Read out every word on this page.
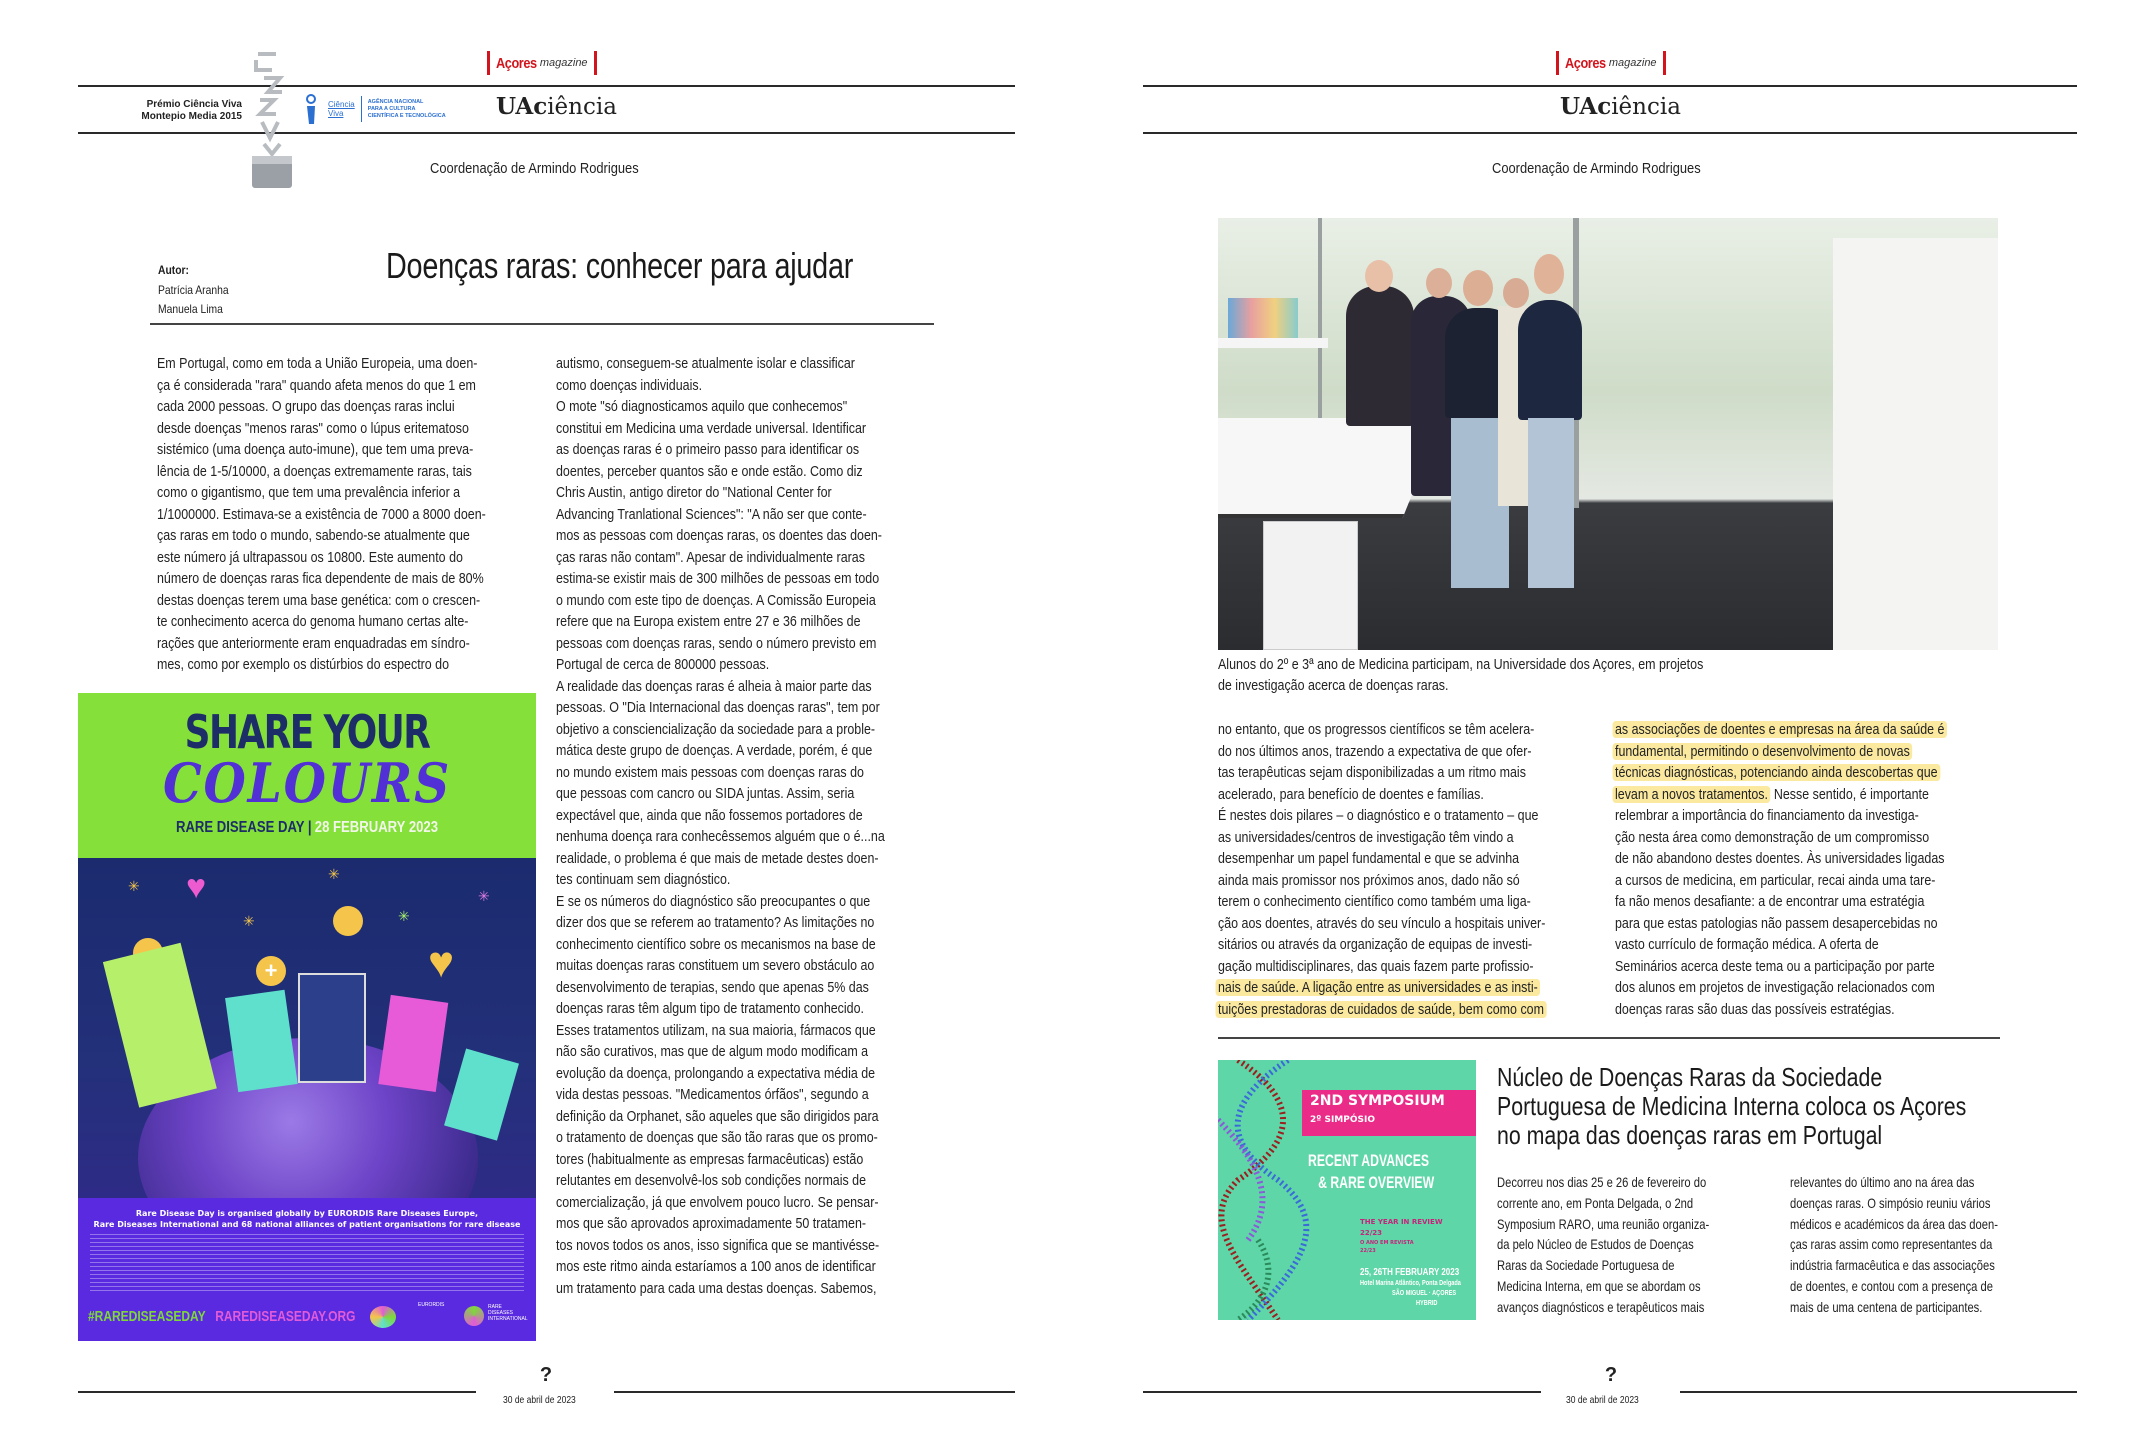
Açores magazine
UAciência
Coordenação de Armindo Rodrigues
Prémio Ciência Viva
Montepio Media 2015
Ciência
Viva
AGÊNCIA NACIONAL
PARA A CULTURA
CIENTÍFICA E TECNOLÓGICA
Autor:
Patrícia Aranha
Manuela Lima
Doenças raras: conhecer para ajudar
Em Portugal, como em toda a União Europeia, uma doen-
ça é considerada "rara" quando afeta menos do que 1 em
cada 2000 pessoas. O grupo das doenças raras inclui
desde doenças "menos raras" como o lúpus eritematoso
sistémico (uma doença auto-imune), que tem uma preva-
lência de 1-5/10000, a doenças extremamente raras, tais
como o gigantismo, que tem uma prevalência inferior a
1/1000000. Estimava-se a existência de 7000 a 8000 doen-
ças raras em todo o mundo, sabendo-se atualmente que
este número já ultrapassou os 10800. Este aumento do
número de doenças raras fica dependente de mais de 80%
destas doenças terem uma base genética: com o crescen-
te conhecimento acerca do genoma humano certas alte-
rações que anteriormente eram enquadradas em síndro-
mes, como por exemplo os distúrbios do espectro do
autismo, conseguem-se atualmente isolar e classificar
como doenças individuais.
O mote "só diagnosticamos aquilo que conhecemos"
constitui em Medicina uma verdade universal. Identificar
as doenças raras é o primeiro passo para identificar os
doentes, perceber quantos são e onde estão. Como diz
Chris Austin, antigo diretor do "National Center for
Advancing Tranlational Sciences": "A não ser que conte-
mos as pessoas com doenças raras, os doentes das doen-
ças raras não contam". Apesar de individualmente raras
estima-se existir mais de 300 milhões de pessoas em todo
o mundo com este tipo de doenças. A Comissão Europeia
refere que na Europa existem entre 27 e 36 milhões de
pessoas com doenças raras, sendo o número previsto em
Portugal de cerca de 800000 pessoas.
A realidade das doenças raras é alheia à maior parte das
pessoas. O "Dia Internacional das doenças raras", tem por
objetivo a consciencialização da sociedade para a proble-
mática deste grupo de doenças. A verdade, porém, é que
no mundo existem mais pessoas com doenças raras do
que pessoas com cancro ou SIDA juntas. Assim, seria
expectável que, ainda que não fossemos portadores de
nenhuma doença rara conhecêssemos alguém que o é...na
realidade, o problema é que mais de metade destes doen-
tes continuam sem diagnóstico.
E se os números do diagnóstico são preocupantes o que
dizer dos que se referem ao tratamento? As limitações no
conhecimento científico sobre os mecanismos na base de
muitas doenças raras constituem um severo obstáculo ao
desenvolvimento de terapias, sendo que apenas 5% das
doenças raras têm algum tipo de tratamento conhecido.
Esses tratamentos utilizam, na sua maioria, fármacos que
não são curativos, mas que de algum modo modificam a
evolução da doença, prolongando a expectativa média de
vida destas pessoas. "Medicamentos órfãos", segundo a
definição da Orphanet, são aqueles que são dirigidos para
o tratamento de doenças que são tão raras que os promo-
tores (habitualmente as empresas farmacêuticas) estão
relutantes em desenvolvê-los sob condições normais de
comercialização, já que envolvem pouco lucro. Se pensar-
mos que são aprovados aproximadamente 50 tratamen-
tos novos todos os anos, isso significa que se mantivésse-
mos este ritmo ainda estaríamos a 100 anos de identificar
um tratamento para cada uma destas doenças. Sabemos,
SHARE YOUR
COLOURS
RARE DISEASE DAY | 28 FEBRUARY 2023
✳
✳
✳
✳
✳
♥
♥
+
Rare Disease Day is organised globally by EURORDIS Rare Diseases Europe,
Rare Diseases International and 68 national alliances of patient organisations for rare disease
#RAREDISEASEDAY RAREDISEASEDAY.ORG
EURORDIS	RARE DISEASES INTERNATIONAL
?
30 de abril de 2023
Açores magazine
UAciência
Coordenação de Armindo Rodrigues
Alunos do 2º e 3ª ano de Medicina participam, na Universidade dos Açores, em projetos
de investigação acerca de doenças raras.
no entanto, que os progressos científicos se têm acelera-
do nos últimos anos, trazendo a expectativa de que ofer-
tas terapêuticas sejam disponibilizadas a um ritmo mais
acelerado, para benefício de doentes e famílias.
É nestes dois pilares – o diagnóstico e o tratamento – que
as universidades/centros de investigação têm vindo a
desempenhar um papel fundamental e que se advinha
ainda mais promissor nos próximos anos, dado não só
terem o conhecimento científico como também uma liga-
ção aos doentes, através do seu vínculo a hospitais univer-
sitários ou através da organização de equipas de investi-
gação multidisciplinares, das quais fazem parte profissio-
nais de saúde. A ligação entre as universidades e as insti-
tuições prestadoras de cuidados de saúde, bem como com
as associações de doentes e empresas na área da saúde é
fundamental, permitindo o desenvolvimento de novas
técnicas diagnósticas, potenciando ainda descobertas que
levam a novos tratamentos. Nesse sentido, é importante
relembrar a importância do financiamento da investiga-
ção nesta área como demonstração de um compromisso
de não abandono destes doentes. Às universidades ligadas
a cursos de medicina, em particular, recai ainda uma tare-
fa não menos desafiante: a de encontrar uma estratégia
para que estas patologias não passem desapercebidas no
vasto currículo de formação médica. A oferta de
Seminários acerca deste tema ou a participação por parte
dos alunos em projetos de investigação relacionados com
doenças raras são duas das possíveis estratégias.
2ND SYMPOSIUM
2º SIMPÓSIO
RECENT ADVANCES
& RARE OVERVIEW
THE YEAR IN REVIEW
22/23
O ANO EM REVISTA
22/23
25, 26TH FEBRUARY 2023
Hotel Marina Atlântico, Ponta Delgada
SÃO MIGUEL · AÇORES
HYBRID
Núcleo de Doenças Raras da Sociedade
Portuguesa de Medicina Interna coloca os Açores
no mapa das doenças raras em Portugal
Decorreu nos dias 25 e 26 de fevereiro do
corrente ano, em Ponta Delgada, o 2nd
Symposium RARO, uma reunião organiza-
da pelo Núcleo de Estudos de Doenças
Raras da Sociedade Portuguesa de
Medicina Interna, em que se abordam os
avanços diagnósticos e terapêuticos mais
relevantes do último ano na área das
doenças raras. O simpósio reuniu vários
médicos e académicos da área das doen-
ças raras assim como representantes da
indústria farmacêutica e das associações
de doentes, e contou com a presença de
mais de uma centena de participantes.
?
30 de abril de 2023
